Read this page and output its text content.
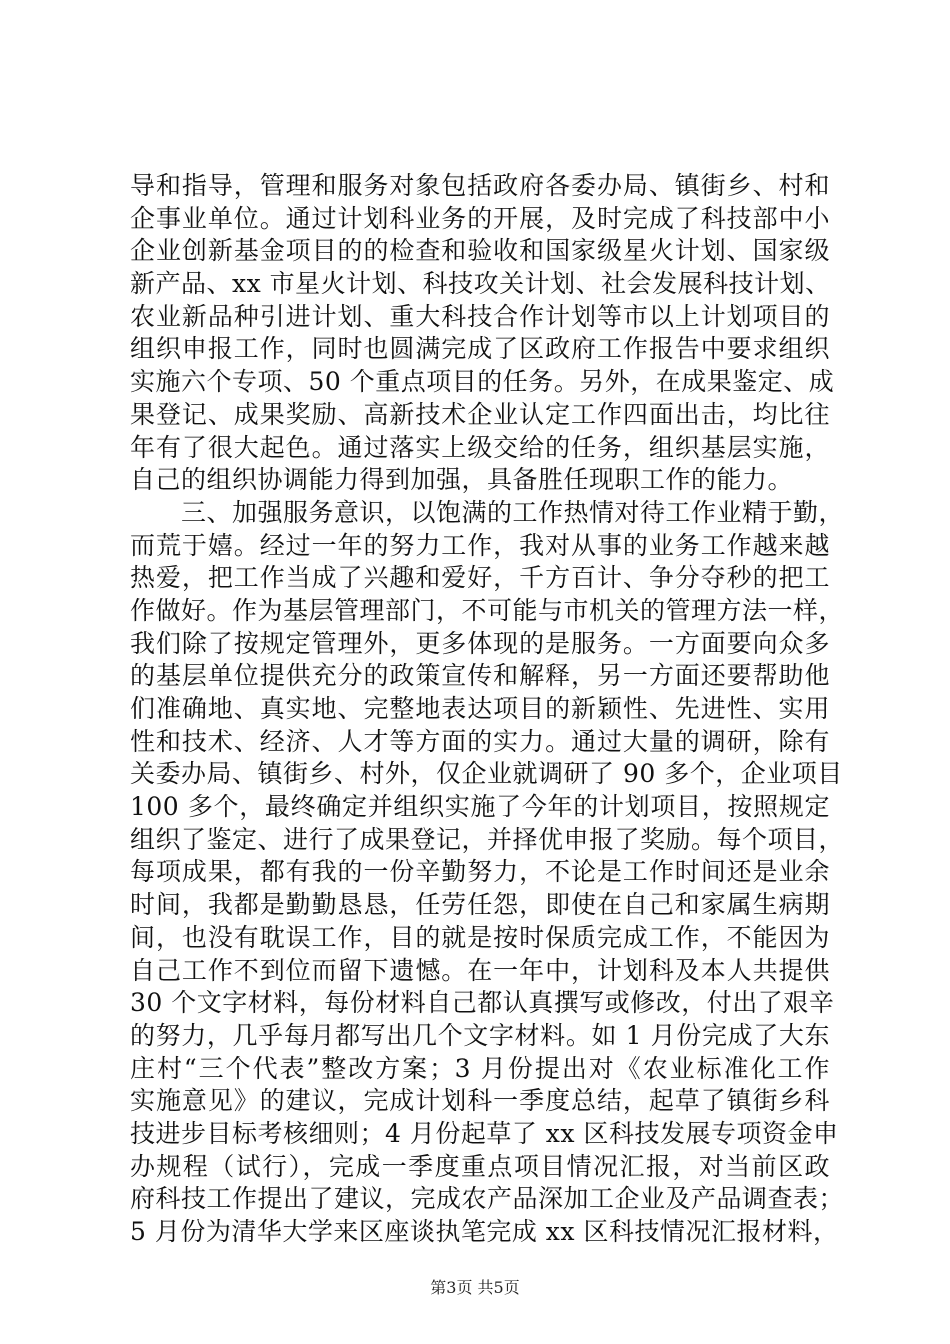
导和指导，管理和服务对象包括政府各委办局、镇街乡、村和
企事业单位。通过计划科业务的开展，及时完成了科技部中小
企业创新基金项目的的检查和验收和国家级星火计划、国家级
新产品、xx 市星火计划、科技攻关计划、社会发展科技计划、
农业新品种引进计划、重大科技合作计划等市以上计划项目的
组织申报工作，同时也圆满完成了区政府工作报告中要求组织
实施六个专项、50 个重点项目的任务。另外，在成果鉴定、成
果登记、成果奖励、高新技术企业认定工作四面出击，均比往
年有了很大起色。通过落实上级交给的任务，组织基层实施，
自己的组织协调能力得到加强，具备胜任现职工作的能力。
　　三、加强服务意识，以饱满的工作热情对待工作业精于勤，
而荒于嬉。经过一年的努力工作，我对从事的业务工作越来越
热爱，把工作当成了兴趣和爱好，千方百计、争分夺秒的把工
作做好。作为基层管理部门，不可能与市机关的管理方法一样，
我们除了按规定管理外，更多体现的是服务。一方面要向众多
的基层单位提供充分的政策宣传和解释，另一方面还要帮助他
们准确地、真实地、完整地表达项目的新颖性、先进性、实用
性和技术、经济、人才等方面的实力。通过大量的调研，除有
关委办局、镇街乡、村外，仅企业就调研了 90 多个，企业项目
100 多个，最终确定并组织实施了今年的计划项目，按照规定
组织了鉴定、进行了成果登记，并择优申报了奖励。每个项目，
每项成果，都有我的一份辛勤努力，不论是工作时间还是业余
时间，我都是勤勤恳恳，任劳任怨，即使在自己和家属生病期
间，也没有耽误工作，目的就是按时保质完成工作，不能因为
自己工作不到位而留下遗憾。在一年中，计划科及本人共提供
30 个文字材料，每份材料自己都认真撰写或修改，付出了艰辛
的努力，几乎每月都写出几个文字材料。如 1 月份完成了大东
庄村“三个代表”整改方案；3 月份提出对《农业标准化工作
实施意见》的建议，完成计划科一季度总结，起草了镇街乡科
技进步目标考核细则；4 月份起草了 xx 区科技发展专项资金申
办规程（试行），完成一季度重点项目情况汇报，对当前区政
府科技工作提出了建议，完成农产品深加工企业及产品调查表；
5 月份为清华大学来区座谈执笔完成 xx 区科技情况汇报材料，
第3页 共5页
